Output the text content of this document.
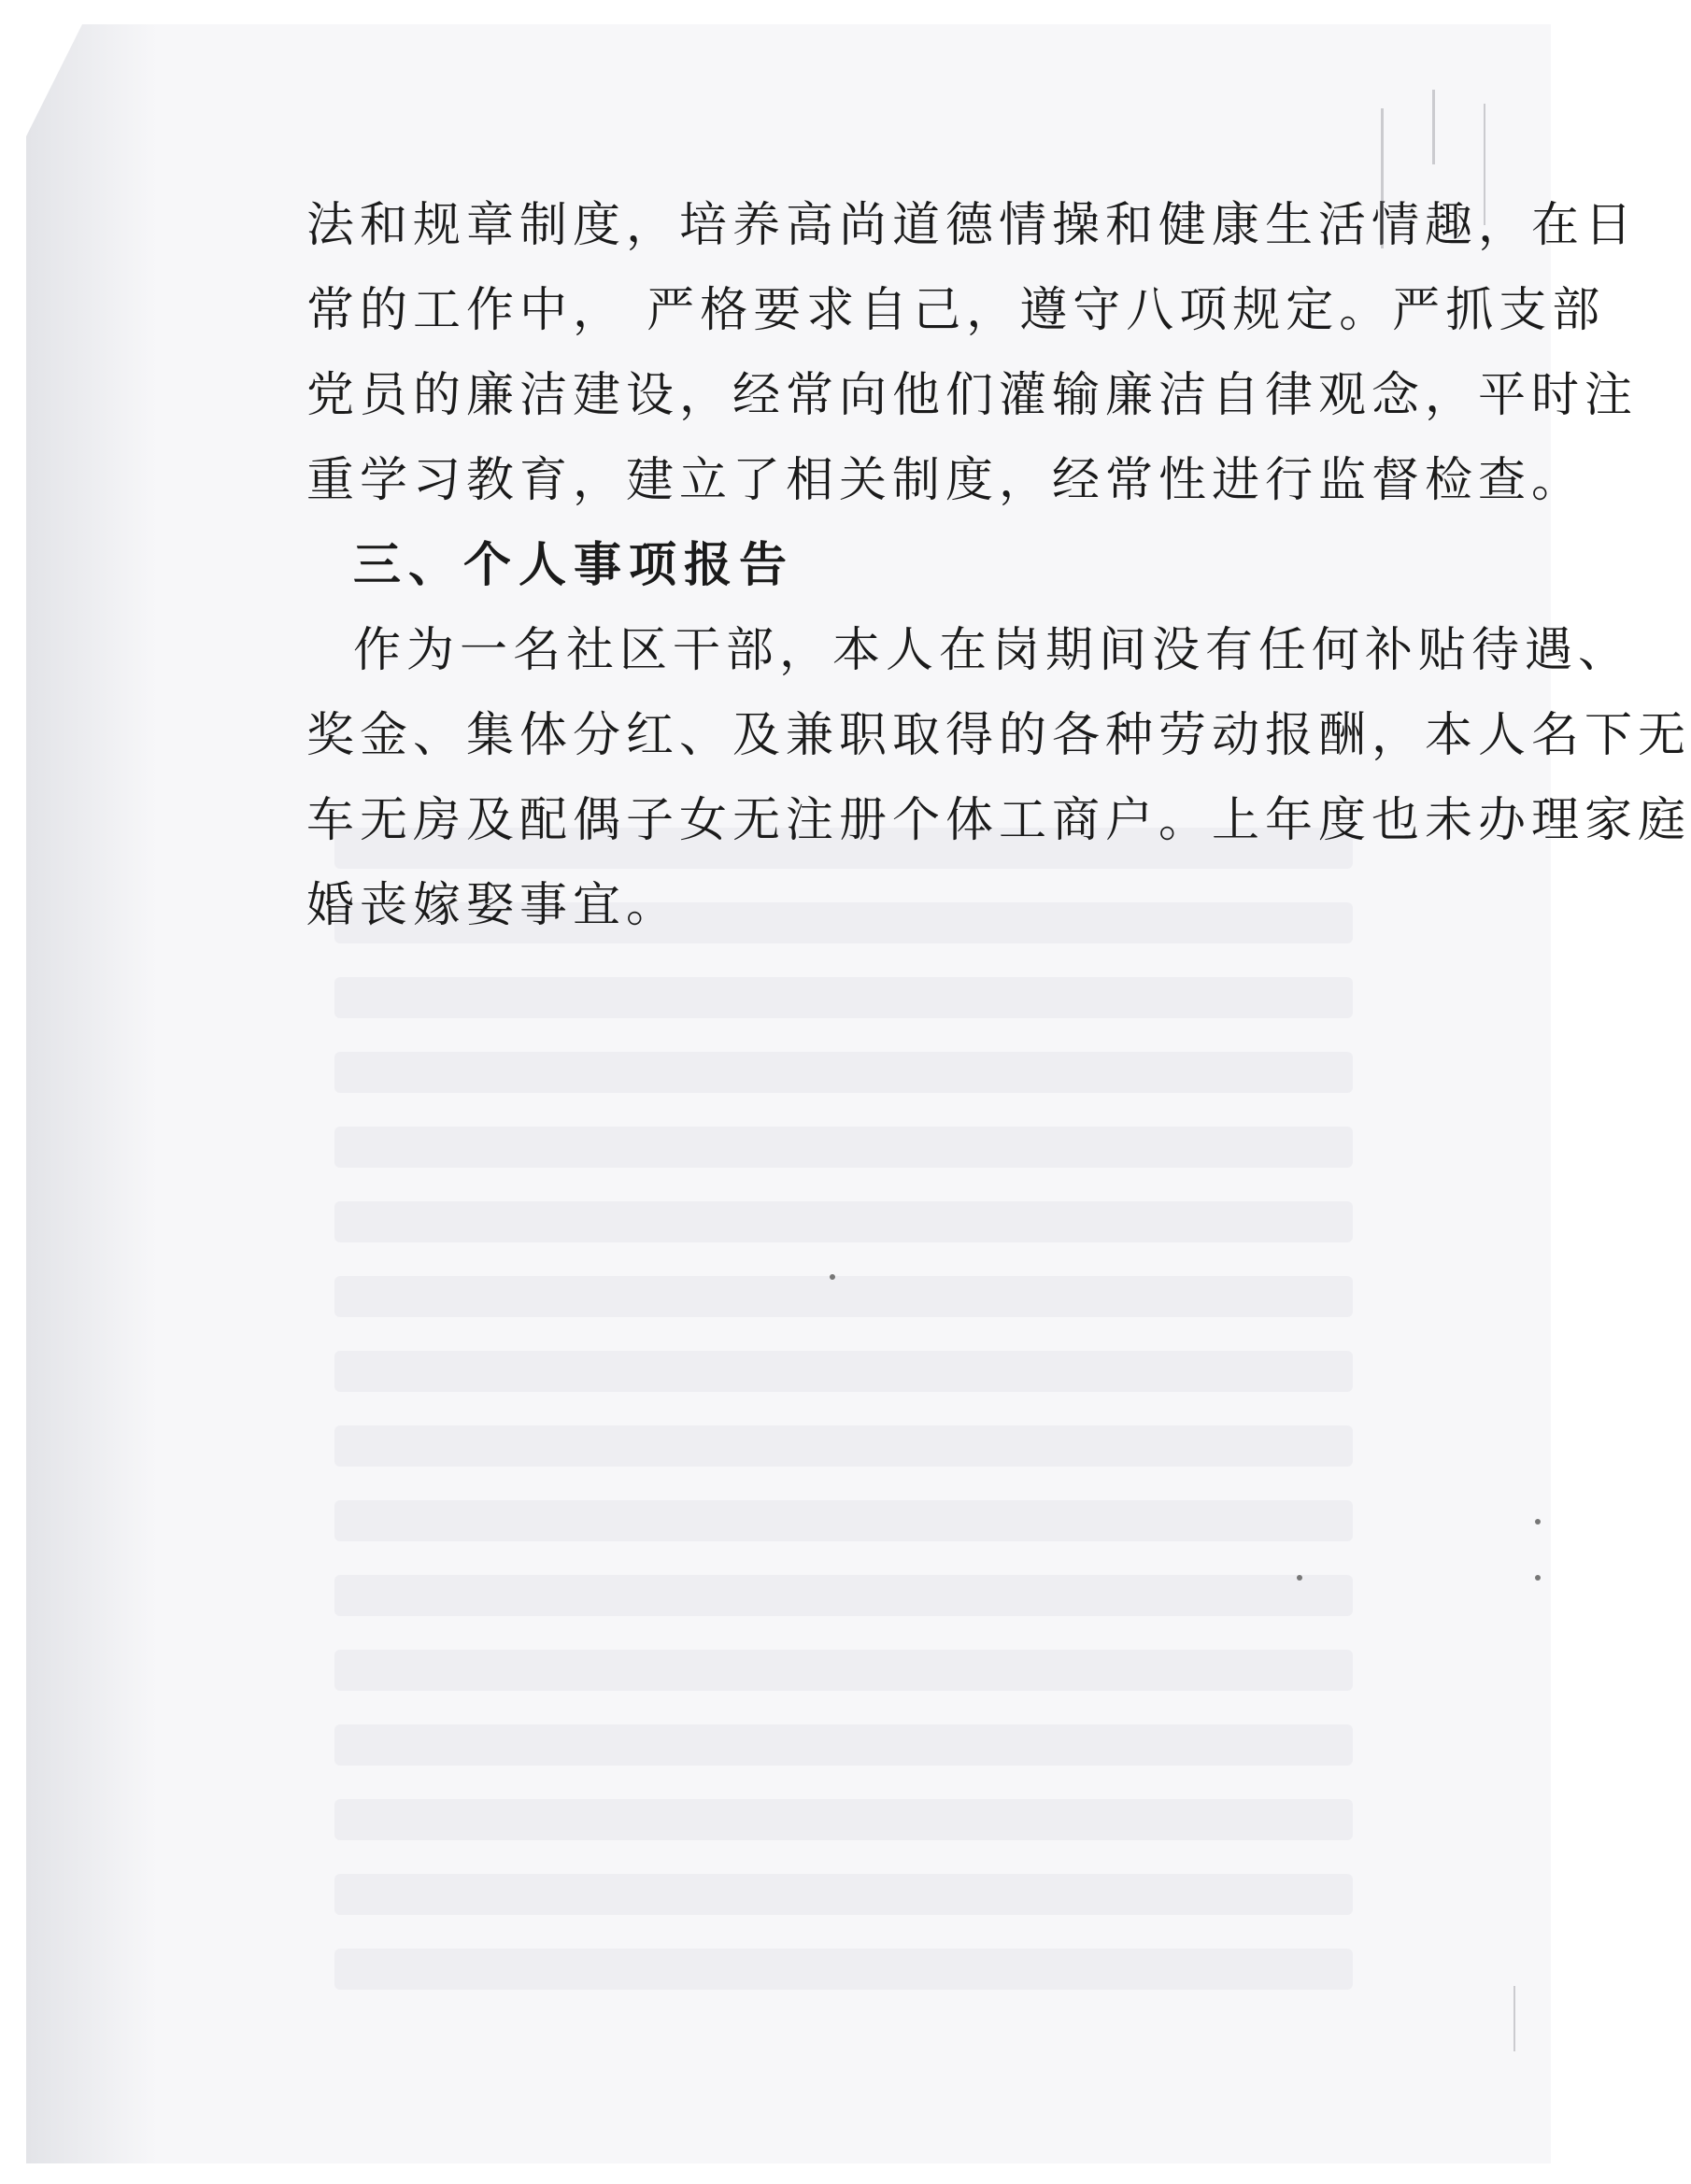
法和规章制度，培养高尚道德情操和健康生活情趣，在日
常的工作中， 严格要求自己，遵守八项规定。严抓支部
党员的廉洁建设，经常向他们灌输廉洁自律观念，平时注
重学习教育，建立了相关制度，经常性进行监督检查。
三、个人事项报告
作为一名社区干部，本人在岗期间没有任何补贴待遇、
奖金、集体分红、及兼职取得的各种劳动报酬，本人名下无
车无房及配偶子女无注册个体工商户。上年度也未办理家庭
婚丧嫁娶事宜。
